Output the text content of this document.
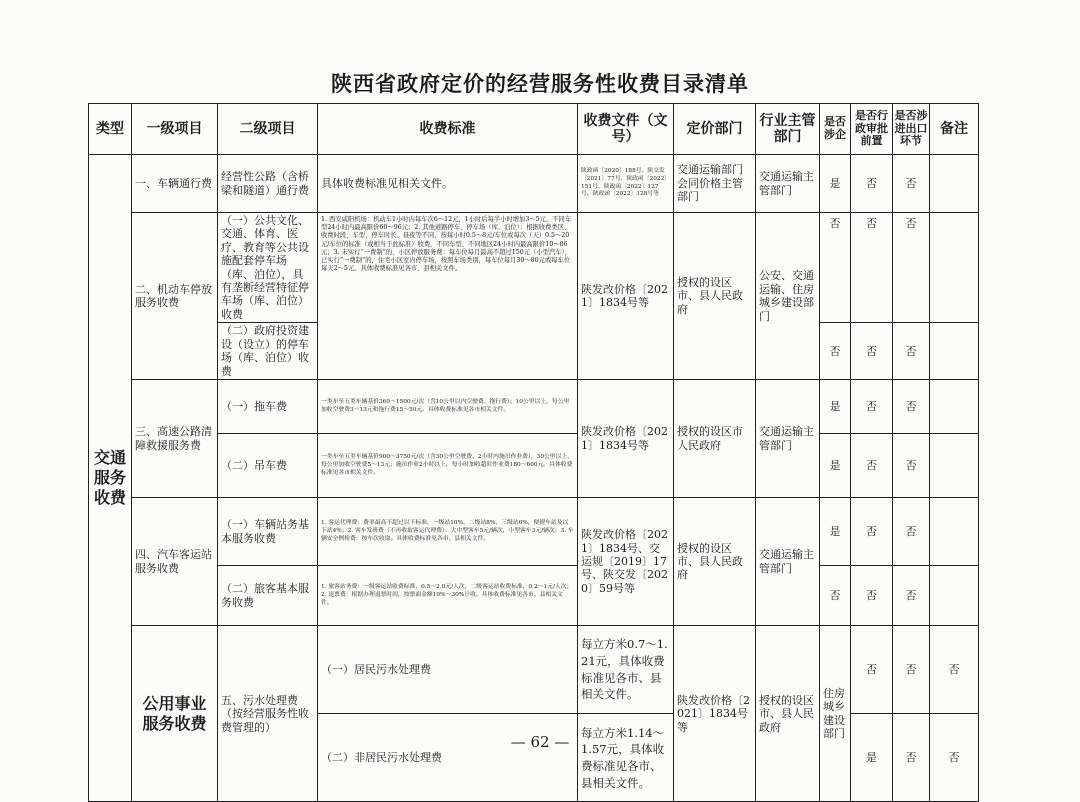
陕西省政府定价的经营服务性收费目录清单
类型	一级项目	二级项目	收费标准	收费文件（文号）	定价部门	行业主管部门	是否涉企	是否行政审批前置	是否涉进出口环节	备注	
交通服务收费	一、车辆通行费	经营性公路（含桥梁和隧道）通行费	具体收费标准见相关文件。	陕政函〔2020〕188号、陕交发〔2021〕77号、陕政函〔2022〕151号、陕政函〔2022〕127号、陕政函〔2022〕128号等	交通运输部门会同价格主管部门	交通运输主管部门	是	否	否		
	二、机动车停放服务收费	（一）公共文化、交通、体育、医疗、教育等公共设施配套停车场（库、泊位），具有垄断经营特征停车场（库、泊位）收费	1. 西安咸阳机场：机动车1小时内每车次6～12元，1小时后每半小时增加3～5元，不同车型24小时内最高限价60～96元；2. 其他道路停车、停车场（库、泊位）：根据收费类区、收费时段、车型、停车时长、昼夜等不同，按每小时0.5～8元/车位或每次（天）0.5～20元/车位的标准（或相当于此标准）收费，不同车型、不同地区24小时内最高限价10～86元；3. 未实行“一费制”的，小区停放服务费：每车位每月最高不超过150元（小型汽车），已实行“一费制”的，住宅小区室内停车场，按照车场类别，每车位每月30～80元或每车位每天2～5元。具体收费标准见各市、县相关文件。	陕发改价格〔2021〕1834号等	授权的设区市、县人民政府	公安、交通运输、住房城乡建设部门	否	否	否		
		（二）政府投资建设（设立）的停车场（库、泊位）收费					否	否	否		
	三、高速公路清障救援服务费	（一）拖车费	一类车至五类车辆基价360～1500元/次（含10公里以内空驶费、拖行费）；10公里以上，每公里加收空驶费3～13元和拖行费15～50元。具体收费标准见各市相关文件。	陕发改价格〔2021〕1834号等	授权的设区市人民政府	交通运输主管部门	是	否	否		
		（二）吊车费	一类车至五类车辆基价900～3750元/次（含30公里空驶费、2小时内施吊作业费），30公里以上，每公里加收空驶费5～13元；施吊作业2小时以上，每小时加收超时作业费180～600元。具体收费标准见各市相关文件。				是	否	否		
	四、汽车客运站服务收费	（一）车辆站务基本服务收费	1. 客运代理费：费率最高不超过以下标准，一级站10%、二级站8%、三级站6%，便捷车站及以下站4%；2. 客车发班费（不再收取客运代理费）：大中型客车5元/辆次，小型客车3元/辆次；3. 车辆安全例检费：按车次收取。具体收费标准见各市、县相关文件。	陕发改价格〔2021〕1834号、交运规〔2019〕17号、陕交发〔2020〕59号等	授权的设区市、县人民政府	交通运输主管部门	是	否	否		
		（二）旅客基本服务收费	1. 旅客站务费：一级客运站收费标准，0.5～2.0元/人次，二级客运站收费标准，0.2～1元/人次；2. 退票费：根据办理退票时间，按票面金额10%～30%计收。具体收费标准见各市、县相关文件。				否	否	否		
	公用事业服务收费	五、污水处理费（按经营服务性收费管理的）	（一）居民污水处理费	每立方米0.7～1.21元，具体收费标准见各市、县相关文件。	陕发改价格〔2021〕1834号等	授权的设区市、县人民政府	住房城乡建设部门	否	否	否	
			（二）非居民污水处理费	每立方米1.14～1.57元，具体收费标准见各市、县相关文件。				是	否	否	
— 62 —
